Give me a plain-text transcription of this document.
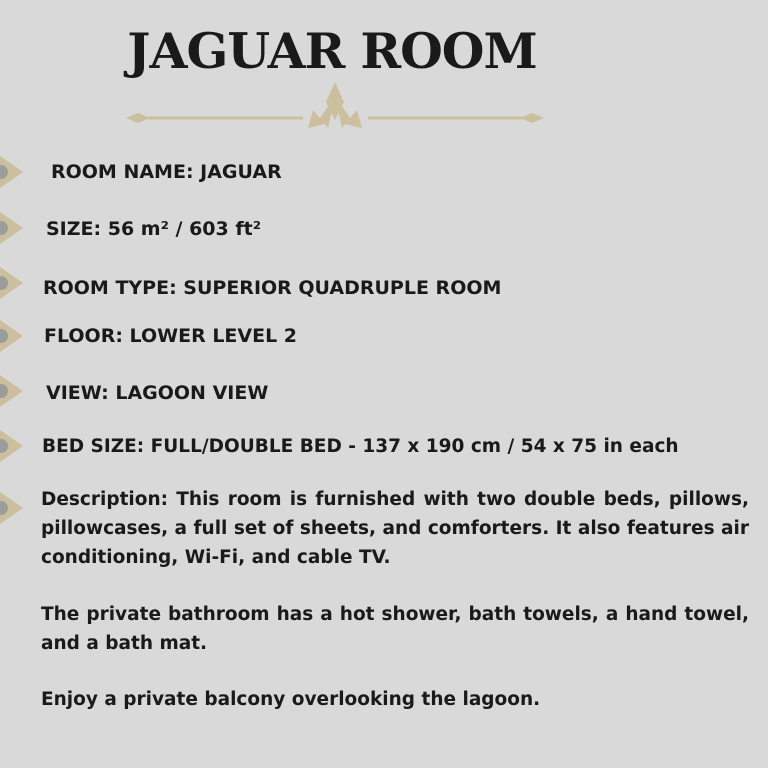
JAGUAR ROOM
ROOM NAME: JAGUAR
SIZE: 56 m² / 603 ft²
ROOM TYPE: SUPERIOR QUADRUPLE ROOM
FLOOR: LOWER LEVEL 2
VIEW: LAGOON VIEW
BED SIZE: FULL/DOUBLE BED - 137 x 190 cm / 54 x 75 in each

Description: This room is furnished with two double beds, pillows, pillowcases, a full set of sheets, and comforters. It also features air conditioning, Wi-Fi, and cable TV.

The private bathroom has a hot shower, bath towels, a hand towel, and a bath mat.

Enjoy a private balcony overlooking the lagoon.
